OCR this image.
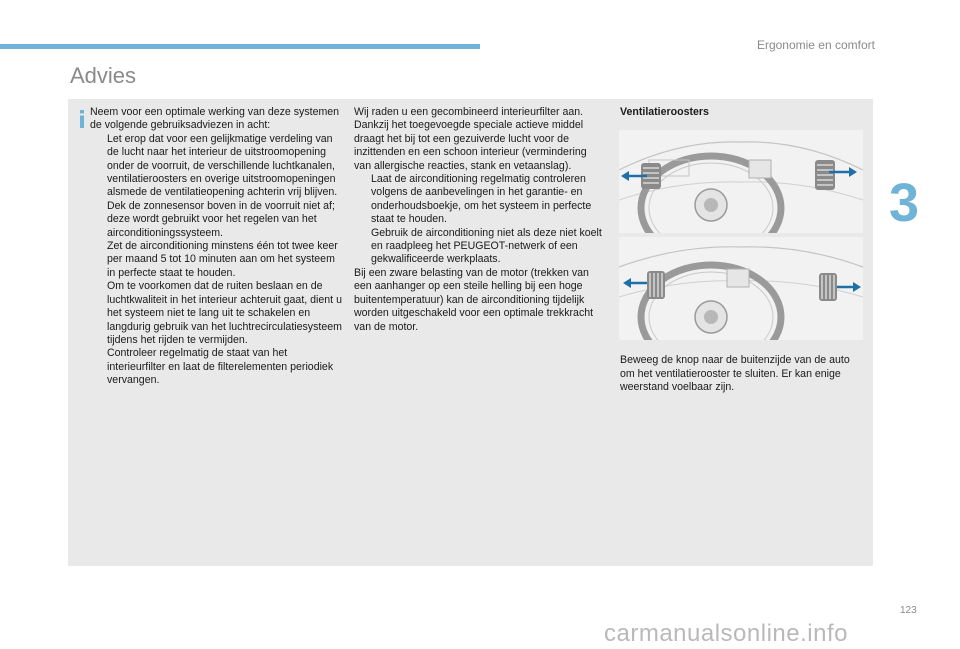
Ergonomie en comfort
Advies
3

Neem voor een optimale werking van deze systemen de volgende gebruiksadviezen in acht:

Let erop dat voor een gelijkmatige verdeling van de lucht naar het interieur de uitstroomopening onder de voorruit, de verschillende luchtkanalen, ventilatieroosters en overige uitstroomopeningen alsmede de ventilatieopening achterin vrij blijven.
Dek de zonnesensor boven in de voorruit niet af; deze wordt gebruikt voor het regelen van het airconditioningssysteem.
Zet de airconditioning minstens één tot twee keer per maand 5 tot 10 minuten aan om het systeem in perfecte staat te houden.
Om te voorkomen dat de ruiten beslaan en de luchtkwaliteit in het interieur achteruit gaat, dient u het systeem niet te lang uit te schakelen en langdurig gebruik van het luchtrecirculatiesysteem tijdens het rijden te vermijden.
Controleer regelmatig de staat van het interieurfilter en laat de filterelementen periodiek vervangen.

Wij raden u een gecombineerd interieurfilter aan. Dankzij het toegevoegde speciale actieve middel draagt het bij tot een gezuiverde lucht voor de inzittenden en een schoon interieur (vermindering van allergische reacties, stank en vetaanslag).

Laat de airconditioning regelmatig controleren volgens de aanbevelingen in het garantie- en onderhoudsboekje, om het systeem in perfecte staat te houden.
Gebruik de airconditioning niet als deze niet koelt en raadpleeg het PEUGEOT-netwerk of een gekwalificeerde werkplaats.

Bij een zware belasting van de motor (trekken van een aanhanger op een steile helling bij een hoge buitentemperatuur) kan de airconditioning tijdelijk worden uitgeschakeld voor een optimale trekkracht van de motor.

Ventilatieroosters

Beweeg de knop naar de buitenzijde van de auto om het ventilatierooster te sluiten. Er kan enige weerstand voelbaar zijn.

123
carmanualsonline.info
